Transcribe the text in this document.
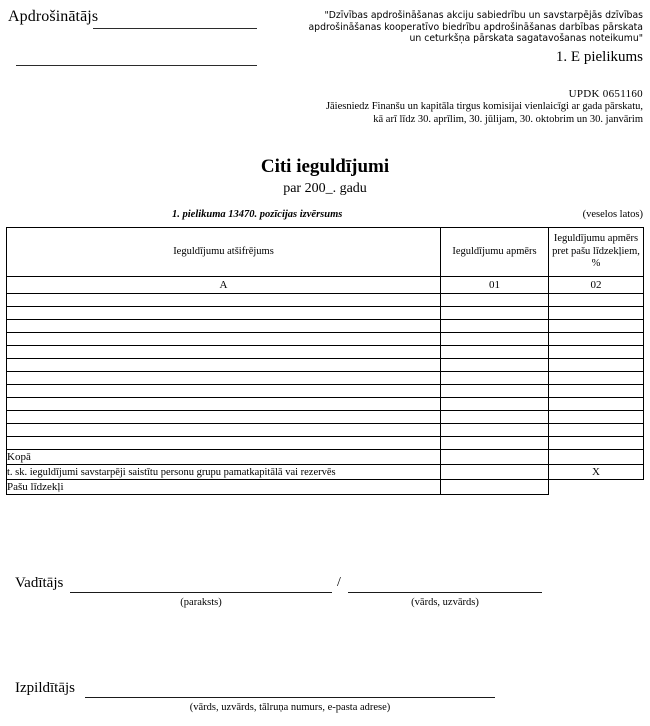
Apdrošinātājs	"Dzīvības apdrošināšanas akciju sabiedrību un savstarpējās dzīvības
apdrošināšanas kooperatīvo biedrību apdrošināšanas darbības pārskata
un ceturkšņa pārskata sagatavošanas noteikumu"
1. E pielikums
UPDK 0651160
Jāiesniedz Finanšu un kapitāla tirgus komisijai vienlaicīgi ar gada pārskatu,
kā arī līdz 30. aprīlim, 30. jūlijam, 30. oktobrim un 30. janvārim
Citi ieguldījumi
par 200_. gadu
1. pielikuma 13470. pozīcijas izvērsums	(veselos latos)
Ieguldījumu atšifrējums	Ieguldījumu apmērs	Ieguldījumu apmērs pret pašu līdzekļiem, %
A	01	02

Kopā		
t. sk. ieguldījumi savstarpēji saistītu personu grupu pamatkapitālā vai rezervēs		X
Pašu līdzekļi		
Vadītājs	/
(paraksts)	(vārds, uzvārds)
Izpildītājs
(vārds, uzvārds, tālruņa numurs, e-pasta adrese)
